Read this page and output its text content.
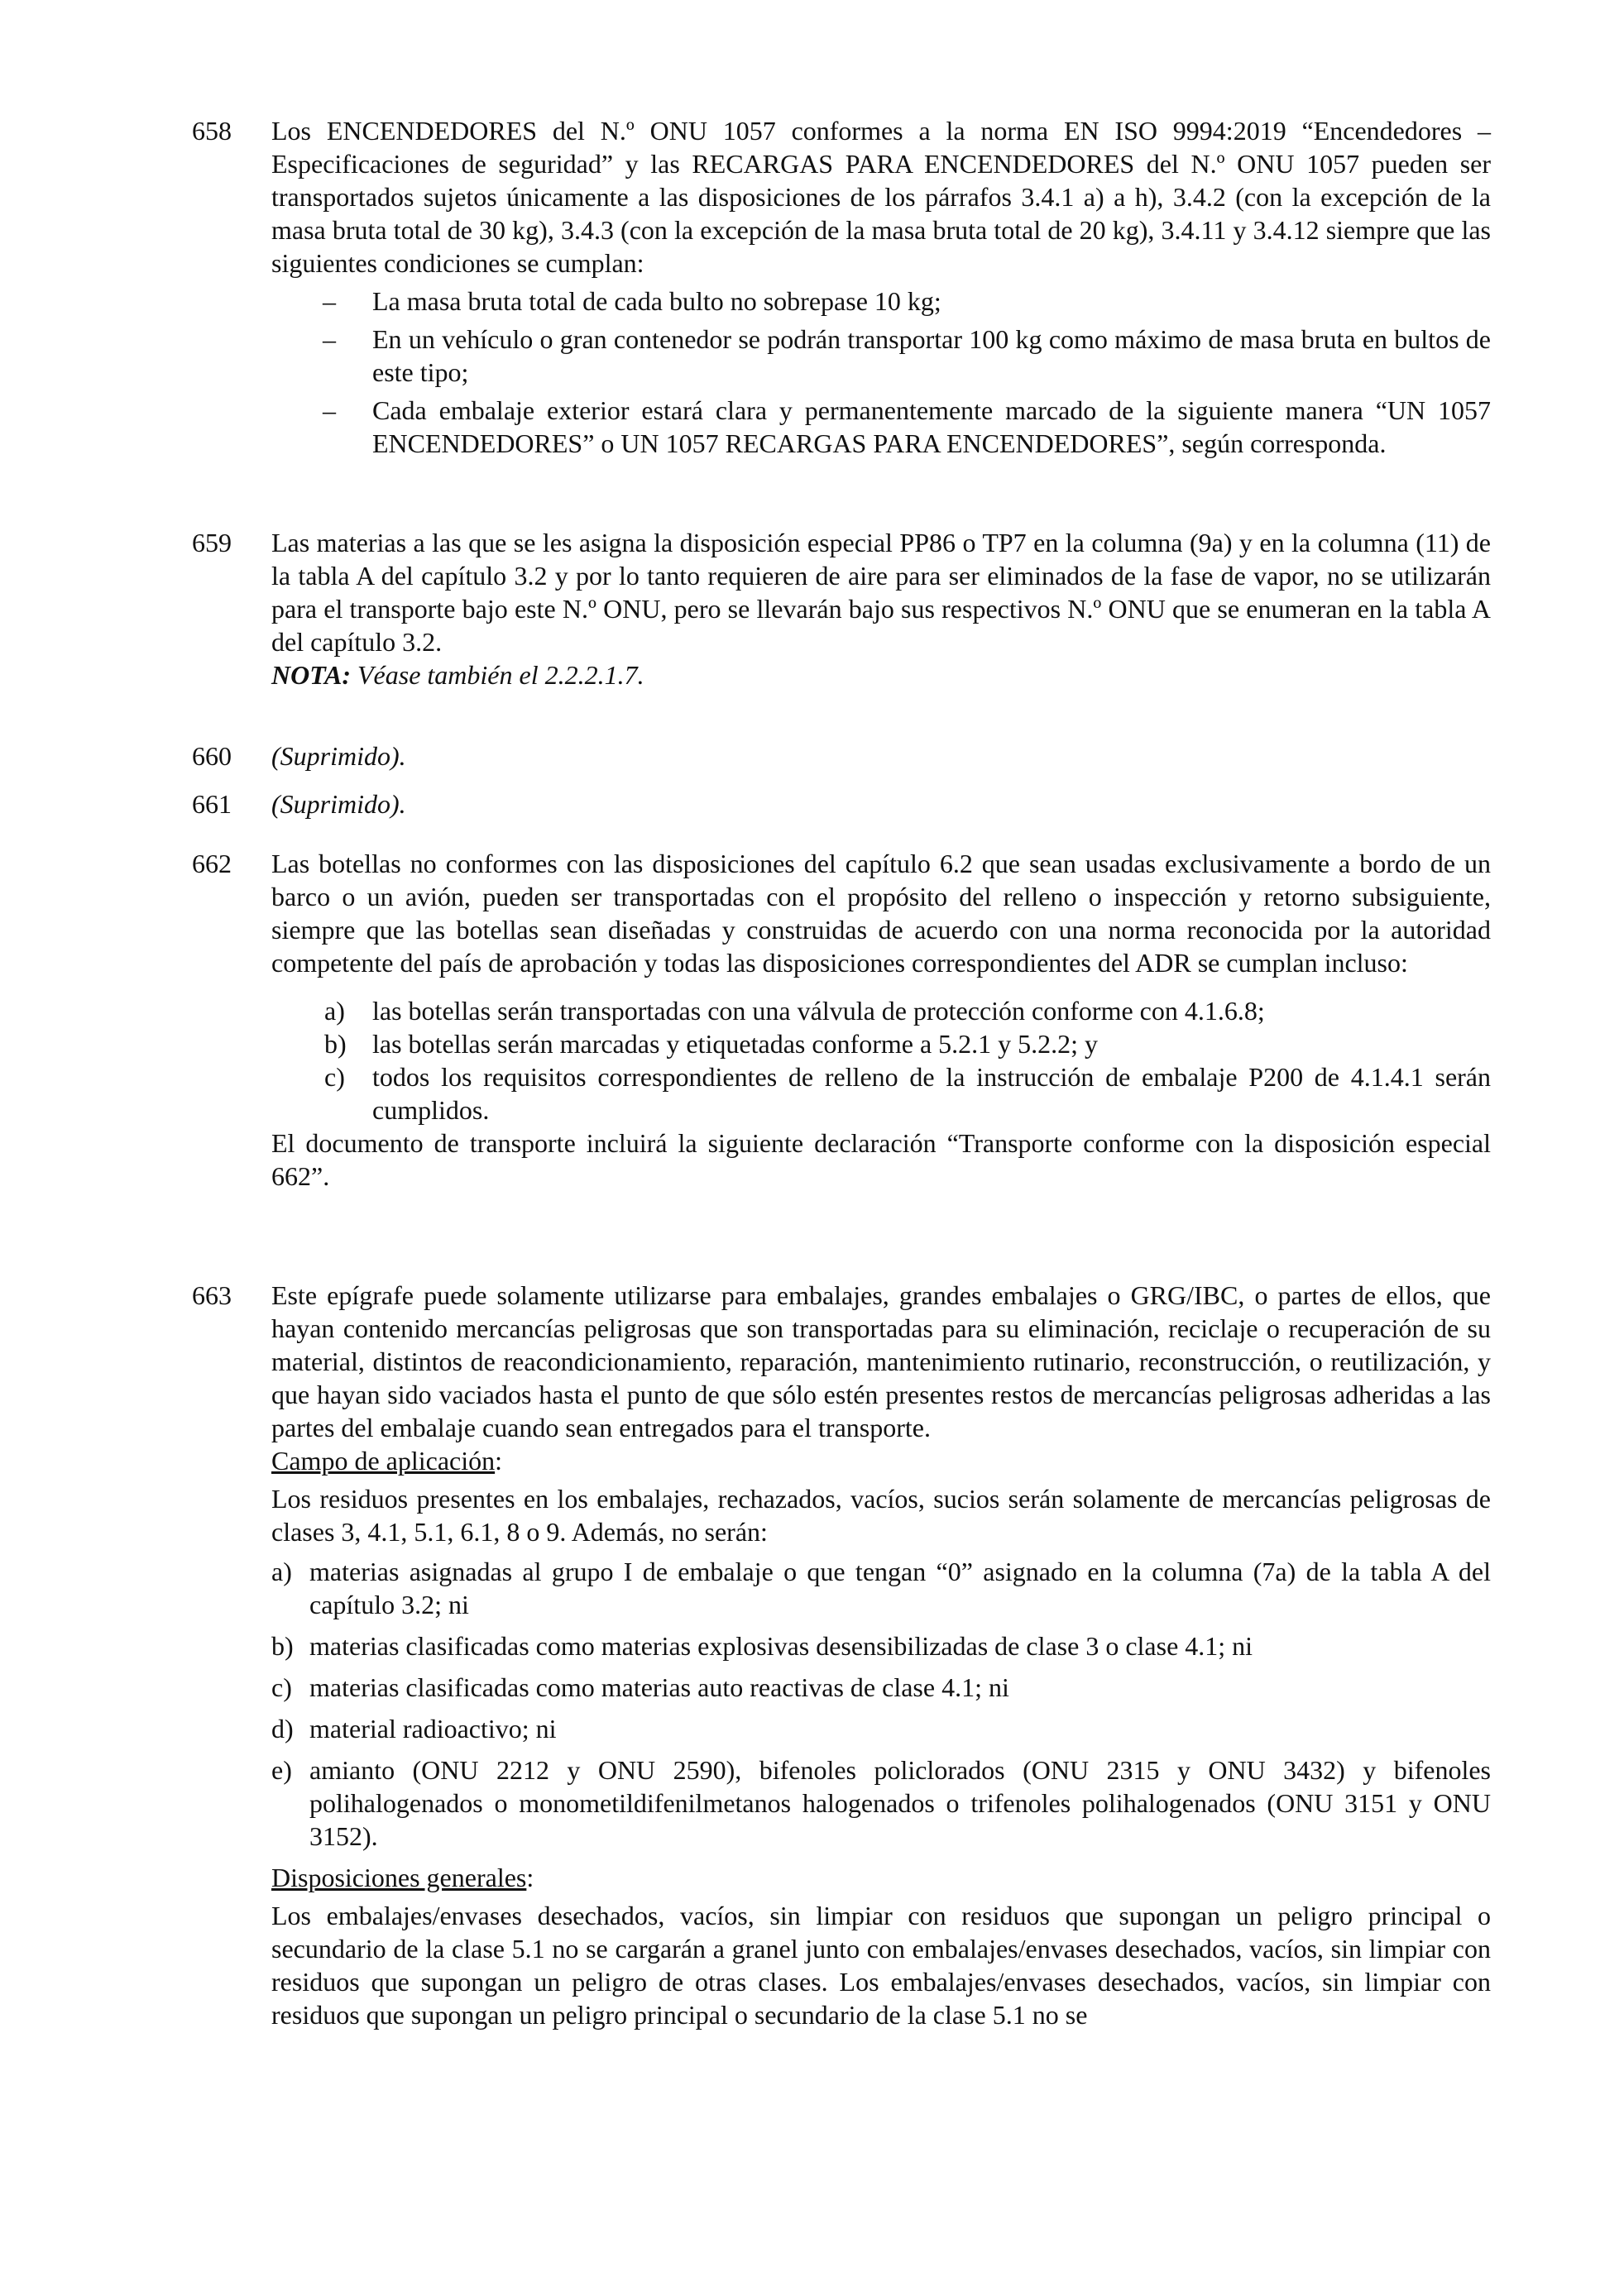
658 Los ENCENDEDORES del N.º ONU 1057 conformes a la norma EN ISO 9994:2019 “Encendedores – Especificaciones de seguridad” y las RECARGAS PARA ENCENDEDORES del N.º ONU 1057 pueden ser transportados sujetos únicamente a las disposiciones de los párrafos 3.4.1 a) a h), 3.4.2 (con la excepción de la masa bruta total de 30 kg), 3.4.3 (con la excepción de la masa bruta total de 20 kg), 3.4.11 y 3.4.12 siempre que las siguientes condiciones se cumplan:

–	La masa bruta total de cada bulto no sobrepase 10 kg;
–	En un vehículo o gran contenedor se podrán transportar 100 kg como máximo de masa bruta en bultos de este tipo;
–	Cada embalaje exterior estará clara y permanentemente marcado de la siguiente manera “UN 1057 ENCENDEDORES” o UN 1057 RECARGAS PARA ENCENDEDORES”, según corresponda.
659 Las materias a las que se les asigna la disposición especial PP86 o TP7 en la columna (9a) y en la columna (11) de la tabla A del capítulo 3.2 y por lo tanto requieren de aire para ser eliminados de la fase de vapor, no se utilizarán para el transporte bajo este N.º ONU, pero se llevarán bajo sus respectivos N.º ONU que se enumeran en la tabla A del capítulo 3.2.

NOTA: Véase también el 2.2.2.1.7.

660 (Suprimido).

661 (Suprimido).

662 Las botellas no conformes con las disposiciones del capítulo 6.2 que sean usadas exclusivamente a bordo de un barco o un avión, pueden ser transportadas con el propósito del relleno o inspección y retorno subsiguiente, siempre que las botellas sean diseñadas y construidas de acuerdo con una norma reconocida por la autoridad competente del país de aprobación y todas las disposiciones correspondientes del ADR se cumplan incluso:

a)	las botellas serán transportadas con una válvula de protección conforme con 4.1.6.8;
b) las botellas serán marcadas y etiquetadas conforme a 5.2.1 y 5.2.2; y
c)	todos los requisitos correspondientes de relleno de la instrucción de embalaje P200 de 4.1.4.1 serán cumplidos.

El documento de transporte incluirá la siguiente declaración “Transporte conforme con la disposición especial 662”.

663 Este epígrafe puede solamente utilizarse para embalajes, grandes embalajes o GRG/IBC, o partes de ellos, que hayan contenido mercancías peligrosas que son transportadas para su eliminación, reciclaje o recuperación de su material, distintos de reacondicionamiento, reparación, mantenimiento rutinario, reconstrucción, o reutilización, y que hayan sido vaciados hasta el punto de que sólo estén presentes restos de mercancías peligrosas adheridas a las partes del embalaje cuando sean entregados para el transporte.

Campo de aplicación:

Los residuos presentes en los embalajes, rechazados, vacíos, sucios serán solamente de mercancías peligrosas de clases 3, 4.1, 5.1, 6.1, 8 o 9. Además, no serán:

a) materias asignadas al grupo I de embalaje o que tengan “0” asignado en la columna (7a) de la tabla A del capítulo 3.2; ni
b) materias clasificadas como materias explosivas desensibilizadas de clase 3 o clase 4.1; ni
c) materias clasificadas como materias auto reactivas de clase 4.1; ni
d) material radioactivo; ni
e) amianto (ONU 2212 y ONU 2590), bifenoles policlorados (ONU 2315 y ONU 3432) y bifenoles polihalogenados o monometildifenilmetanos halogenados o trifenoles polihalogenados (ONU 3151 y ONU 3152).

Disposiciones generales:

Los embalajes/envases desechados, vacíos, sin limpiar con residuos que supongan un peligro principal o secundario de la clase 5.1 no se cargarán a granel junto con embalajes/envases desechados, vacíos, sin limpiar con residuos que supongan un peligro de otras clases. Los embalajes/envases desechados, vacíos, sin limpiar con residuos que supongan un peligro principal o secundario de la clase 5.1 no se
